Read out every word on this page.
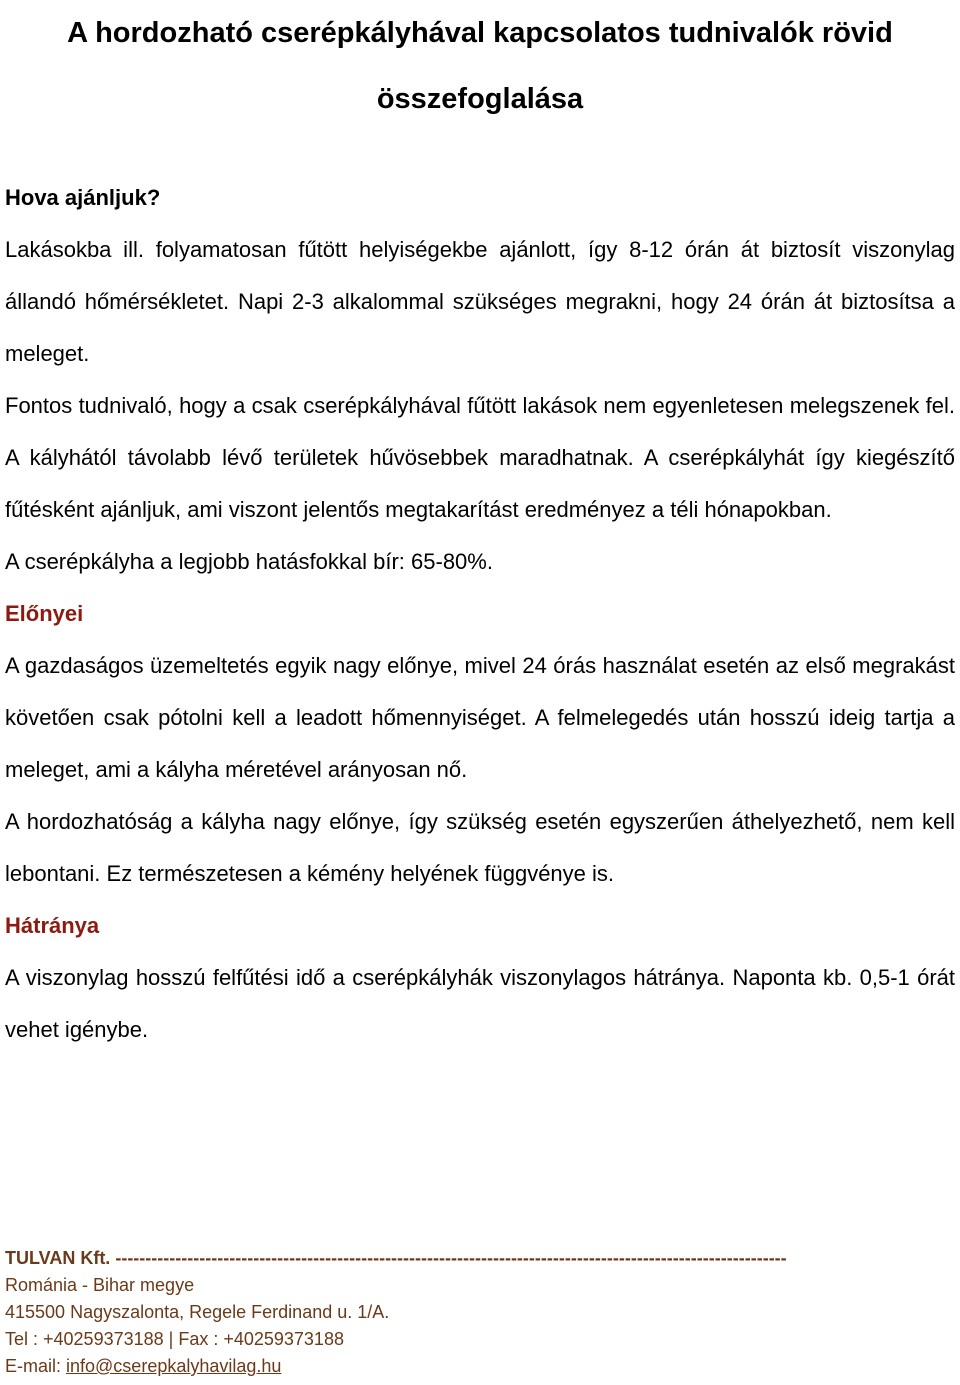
A hordozható cserépkályhával kapcsolatos tudnivalók rövid összefoglalása

Hova ajánljuk?

Lakásokba ill. folyamatosan fűtött helyiségekbe ajánlott, így 8-12 órán át biztosít viszonylag állandó hőmérsékletet. Napi 2-3 alkalommal szükséges megrakni, hogy 24 órán át biztosítsa a meleget.

Fontos tudnivaló, hogy a csak cserépkályhával fűtött lakások nem egyenletesen melegszenek fel. A kályhától távolabb lévő területek hűvösebbek maradhatnak. A cserépkályhát így kiegészítő fűtésként ajánljuk, ami viszont jelentős megtakarítást eredményez a téli hónapokban.

A cserépkályha a legjobb hatásfokkal bír: 65-80%.

Előnyei

A gazdaságos üzemeltetés egyik nagy előnye, mivel 24 órás használat esetén az első megrakást követően csak pótolni kell a leadott hőmennyiséget. A felmelegedés után hosszú ideig tartja a meleget, ami a kályha méretével arányosan nő.

A hordozhatóság a kályha nagy előnye, így szükség esetén egyszerűen áthelyezhető, nem kell lebontani. Ez természetesen a kémény helyének függvénye is.

Hátránya

A viszonylag hosszú felfűtési idő a cserépkályhák viszonylagos hátránya. Naponta kb. 0,5-1 órát vehet igénybe.

TULVAN Kft. ----------------------------------------------------------------------------------------------------------------
Románia - Bihar megye
415500 Nagyszalonta, Regele Ferdinand u. 1/A.
Tel : +40259373188 | Fax : +40259373188
E-mail: info@cserepkalyhavilag.hu
